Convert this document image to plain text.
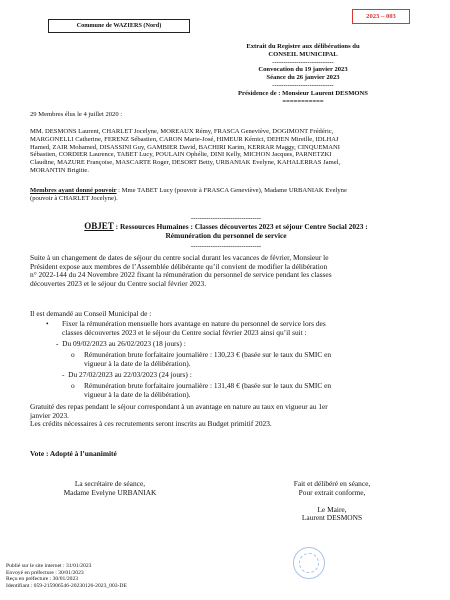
Commune de WAZIERS (Nord)
2023 – 003
Extrait du Registre aux délibérations du
CONSEIL MUNICIPAL
----------------------------
Convocation du 19 janvier 2023
Séance du 26 janvier 2023
----------------------------
Présidence de : Monsieur Laurent DESMONS
===========
29 Membres élus le 4 juillet 2020 :
MM. DESMONS Laurent, CHARLET Jocelyne, MOREAUX Rémy, FRASCA Geneviève, DOGIMONT Frédéric,
MARGONELLI Catherine, FERENZ Sébastien, CARON Marie-José, HIMEUR Kémici, DEHEN Mireille, IDLHAJ
Hamed, ZAIR Mohamed, DISASSINI Guy, GAMBIER David, BACHIRI Karim, KERRAR Maggy, CINQUEMANI
Sébastien, CORDIER Laurence, TABET Lucy, POULAIN Ophélie, DINI Kelly, MICHON Jacques, PARNETZKI
Claudine, MAZURE Françoise, MASCARTE Roger, DESORT Betty, URBANIAK Evelyne, KAHALERRAS Jamel,
MORANTIN Brigitte.
Membres ayant donné pouvoir : Mme TABET Lucy (pouvoir à FRASCA Geneviève), Madame URBANIAK Evelyne
(pouvoir à CHARLET Jocelyne).
--------------------------------
OBJET : Ressources Humaines : Classes découvertes 2023 et séjour Centre Social 2023 :
Rémunération du personnel de service
--------------------------------
Suite à un changement de dates de séjour du centre social durant les vacances de février, Monsieur le
Président expose aux membres de l’Assemblée délibérante qu’il convient de modifier la délibération
n° 2022-144 du 24 Novembre 2022 fixant la rémunération du personnel de service pendant les classes
découvertes 2023 et le séjour du Centre social février 2023.
Il est demandé au Conseil Municipal de :
• Fixer la rémunération mensuelle hors avantage en nature du personnel de service lors des
classes découvertes 2023 et le séjour du Centre social février 2023 ainsi qu’il suit :
-  Du 09/02/2023 au 26/02/2023 (18 jours) :
o Rémunération brute forfaitaire journalière : 130,23 € (basée sur le taux du SMIC en
vigueur à la date de la délibération).
-  Du 27/02/2023 au 22/03/2023 (24 jours) :
o Rémunération brute forfaitaire journalière : 131,48 € (basée sur le taux du SMIC en
vigueur à la date de la délibération).
Gratuité des repas pendant le séjour correspondant à un avantage en nature au taux en vigueur au 1er
janvier 2023.
Les crédits nécessaires à ces recrutements seront inscrits au Budget primitif 2023.
Vote : Adopté à l’unanimité
La secrétaire de séance,
Madame Evelyne URBANIAK
Fait et délibéré en séance,
Pour extrait conforme,
Le Maire,
Laurent DESMONS
Publié sur le site internet : 31/01/2023
Envoyé en préfecture : 30/01/2023
Reçu en préfecture : 30/01/2023
Identifiant : 059-215906546-20230126-2023_003-DE
